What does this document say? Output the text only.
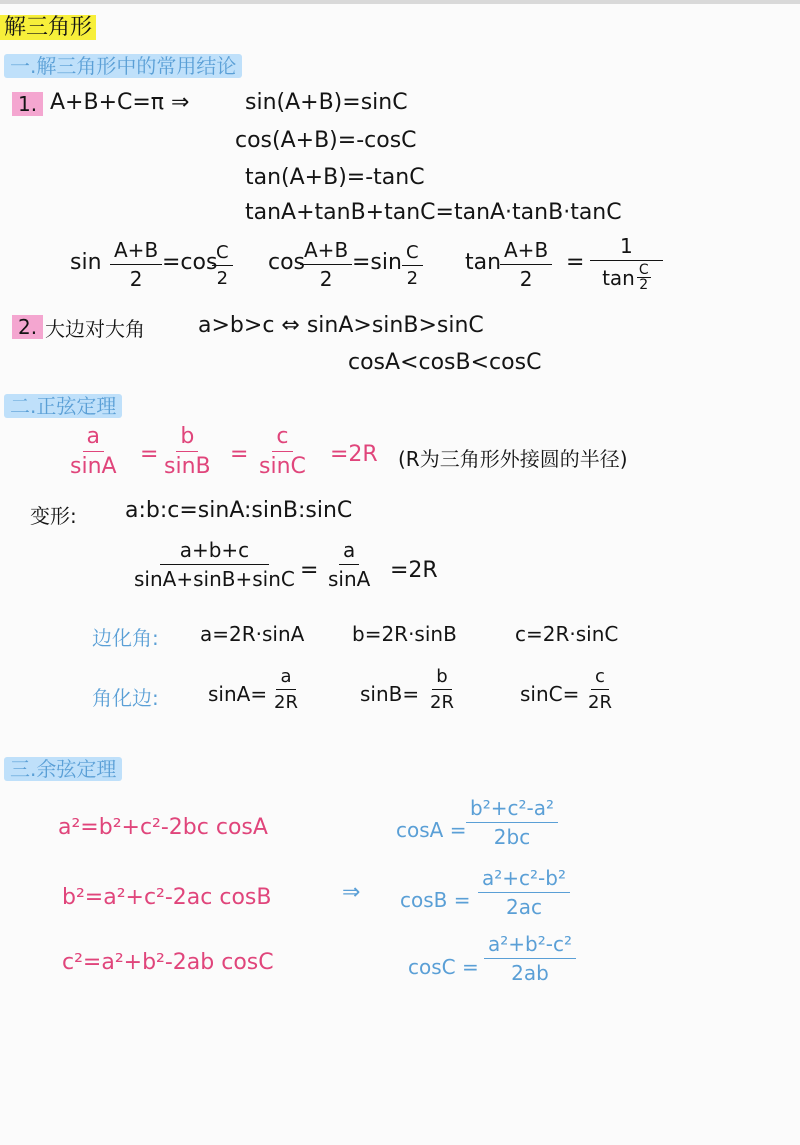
解三角形
一.解三角形中的常用结论
1. A+B+C=π ⇒	sin(A+B)=sinC
cos(A+B)=-cosC
tan(A+B)=-tanC
tanA+tanB+tanC=tanA·tanB·tanC
$\sin \frac{A+B}{2} =\cos$
$\frac{C}{2}$ cos
$\frac{A+B}{2} =\sin \frac{C}{2}$ tan
$\frac{A+B}{2} = 1$
tan C
2
2. 大边对大角 a>b>c ⇔ sinA>sinB>sinC
cosA<cosB<cosC
二.正弦定理
$\frac{a}{\sin A} = \frac{b}{\sin B} = \frac{c}{\sin C} =2R$ (R为三角形外接圆的半径)
变形: a:b:c=sinA:sinB:sinC
$\frac{a+b+c}{\sin A+\sin B+\sin C} = \frac{a}{\sin A} =2R$
边化角: a=2R·sinA b=2R·sinB	c=2R·sinC
角化边: $\sin A= \frac{a}{2R}$	$\sin B= \frac{b}{2R}$	$\sin C= \frac{c}{2R}$
三.余弦定理
a²=b²+c²-2bc cosA
b²=a²+c²-2ac cosB
c²=a²+b²-2ab cosC
⇒
$\cos A = \frac{\text{b²+c²-a²}}{2bc}$
$\cos B = \frac{\text{a²+c²-b²}}{2ac}$
$\cos C = \frac{\text{a²+b²-c²}}{2ab}$
